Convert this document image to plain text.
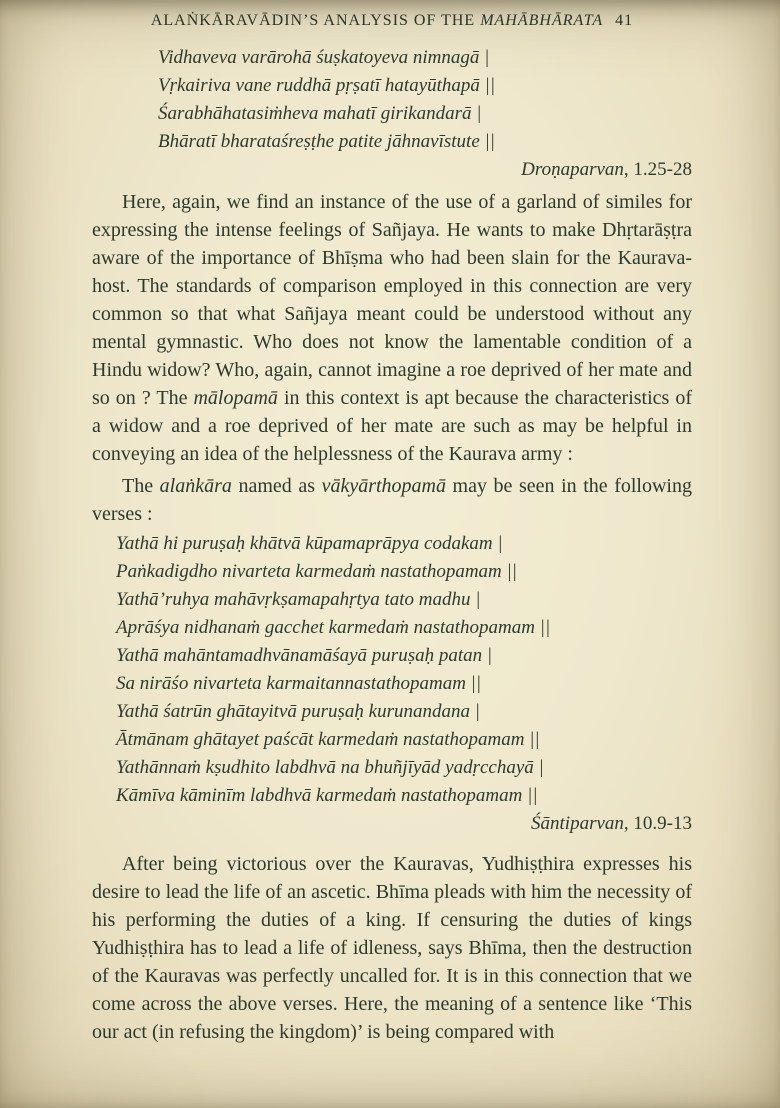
ALAṄKĀRAVĀDIN’S ANALYSIS OF THE MAHĀBHĀRATA 41
Vidhaveva varārohā śuṣkatoyeva nimnagā |
Vṛkairiva vane ruddhā pṛṣatī hatayūthapā ||
Śarabhāhatasiṁheva mahatī girikandarā |
Bhāratī bharataśreṣṭhe patite jāhnavīstute ||
Droṇaparvan, 1.25-28

Here, again, we find an instance of the use of a garland of similes for expressing the intense feelings of Sañjaya. He wants to make Dhṛtarāṣṭra aware of the importance of Bhīṣma who had been slain for the Kaurava-host. The standards of comparison employed in this connection are very common so that what Sañjaya meant could be understood without any mental gymnastic. Who does not know the lamentable condition of a Hindu widow? Who, again, cannot imagine a roe deprived of her mate and so on ? The mālopamā in this context is apt because the characteristics of a widow and a roe deprived of her mate are such as may be helpful in conveying an idea of the helplessness of the Kaurava army :

The alaṅkāra named as vākyārthopamā may be seen in the following verses :

Yathā hi puruṣaḥ khātvā kūpamaprāpya codakam |
Paṅkadigdho nivarteta karmedaṁ nastathopamam ||
Yathā’ruhya mahāvṛkṣamapahṛtya tato madhu |
Aprāśya nidhanaṁ gacchet karmedaṁ nastathopamam ||
Yathā mahāntamadhvānamāśayā puruṣaḥ patan |
Sa nirāśo nivarteta karmaitannastathopamam ||
Yathā śatrūn ghātayitvā puruṣaḥ kurunandana |
Ātmānam ghātayet paścāt karmedaṁ nastathopamam ||
Yathānnaṁ kṣudhito labdhvā na bhuñjīyād yadṛcchayā |
Kāmīva kāminīm labdhvā karmedaṁ nastathopamam ||
Śāntiparvan, 10.9-13

After being victorious over the Kauravas, Yudhiṣṭhira expresses his desire to lead the life of an ascetic. Bhīma pleads with him the necessity of his performing the duties of a king. If censuring the duties of kings Yudhiṣṭhira has to lead a life of idleness, says Bhīma, then the destruction of the Kauravas was perfectly uncalled for. It is in this connection that we come across the above verses. Here, the meaning of a sentence like ‘This our act (in refusing the kingdom)’ is being compared with
